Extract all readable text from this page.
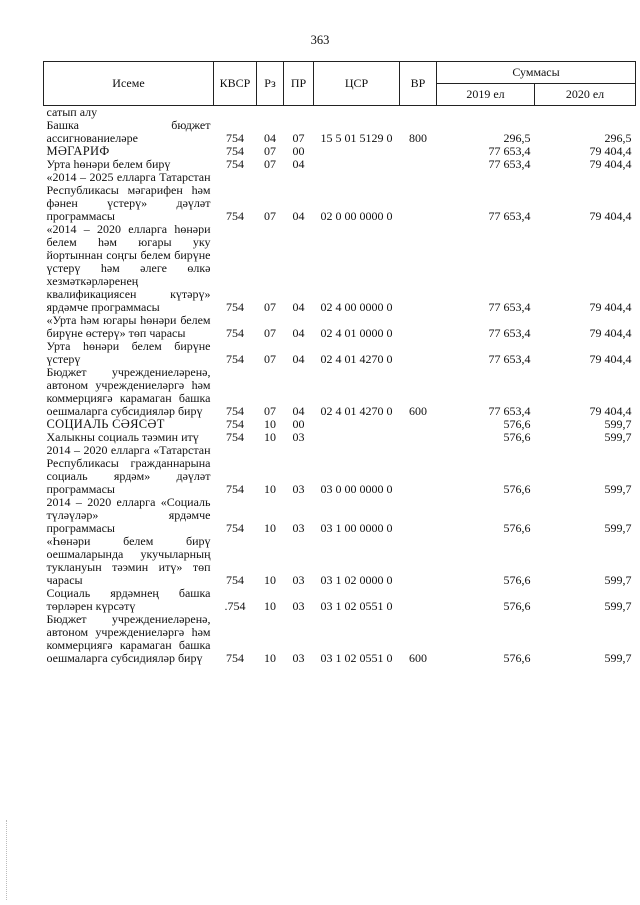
363
Исеме	КВСР	Рз	ПР	ЦСР	ВР	Суммасы	
						2019 ел	2020 ел
сатып алу							
Башка бюджет ассигнованиеләре	754	04	07	15 5 01 5129 0	800	296,5	296,5
МӘГАРИФ	754	07	00			77 653,4	79 404,4
Урта һөнәри белем бирү	754	07	04			77 653,4	79 404,4
«2014 – 2025 елларга Татарстан Республикасы мәгарифен һәм фәнен үстерү» дәүләт программасы	754	07	04	02 0 00 0000 0		77 653,4	79 404,4
«2014 – 2020 елларга һөнәри белем һәм югары уку йортыннан соңгы белем бирүне үстерү һәм әлеге өлкә хезмәткәрләренең квалификациясен күтәрү» ярдәмче программасы	754	07	04	02 4 00 0000 0		77 653,4	79 404,4
«Урта һәм югары һөнәри белем бирүне өстерү» төп чарасы	754	07	04	02 4 01 0000 0		77 653,4	79 404,4
Урта һөнәри белем бирүне үстерү	754	07	04	02 4 01 4270 0		77 653,4	79 404,4
Бюджет учреждениеләренә, автоном учреждениеләргә һәм коммерциягә карамаган башка оешмаларга субсидияләр бирү	754	07	04	02 4 01 4270 0	600	77 653,4	79 404,4
СОЦИАЛЬ СӘЯСӘТ	754	10	00			576,6	599,7
Халыкны социаль тәэмин итү	754	10	03			576,6	599,7
2014 – 2020 елларга «Татарстан Республикасы гражданнарына социаль ярдәм» дәүләт программасы	754	10	03	03 0 00 0000 0		576,6	599,7
2014 – 2020 елларга «Социаль түләүләр» ярдәмче программасы	754	10	03	03 1 00 0000 0		576,6	599,7
«Һөнәри белем бирү оешмаларында укучыларның туклануын тәэмин итү» төп чарасы	754	10	03	03 1 02 0000 0		576,6	599,7
Социаль ярдәмнең башка төрләрен күрсәтү	.754	10	03	03 1 02 0551 0		576,6	599,7
Бюджет учреждениеләренә, автоном учреждениеләргә һәм коммерциягә карамаган башка оешмаларга субсидияләр бирү	754	10	03	03 1 02 0551 0	600	576,6	599,7
